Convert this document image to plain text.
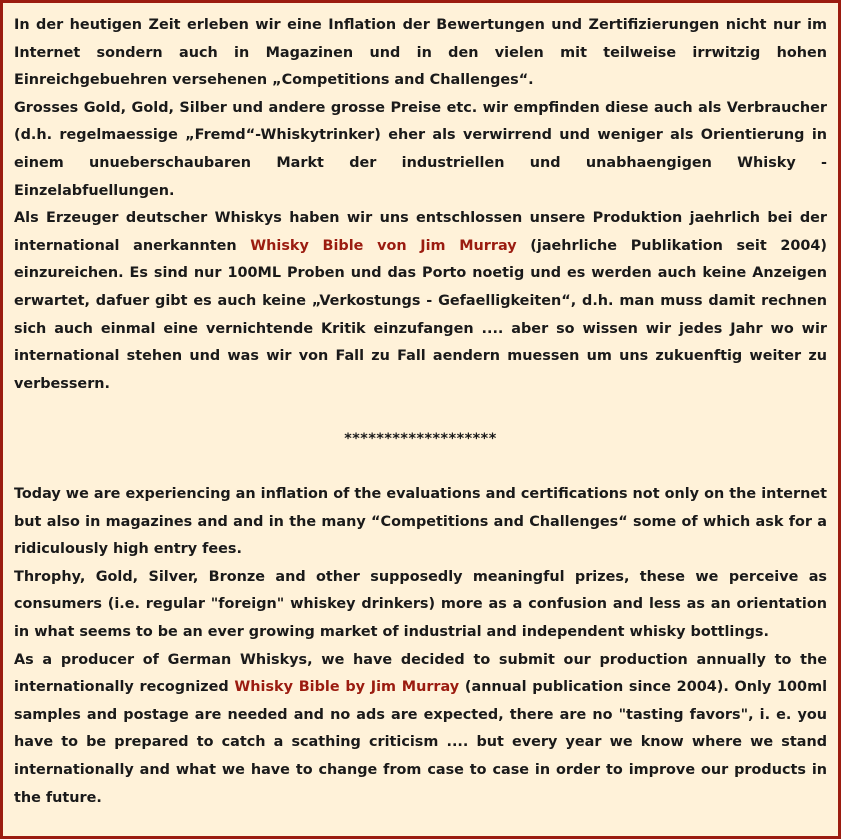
In der heutigen Zeit erleben wir eine Inflation der Bewertungen und Zertifizierungen nicht nur im Internet sondern auch in Magazinen und in den vielen mit teilweise irrwitzig hohen Einreichgebuehren versehenen „Competitions and Challenges“.

Grosses Gold, Gold, Silber und andere grosse Preise etc. wir empfinden diese auch als Verbraucher (d.h. regelmaessige „Fremd“-Whiskytrinker) eher als verwirrend und weniger als Orientierung in einem unueberschaubaren Markt der industriellen und unabhaengigen Whisky - Einzelabfuellungen.

Als Erzeuger deutscher Whiskys haben wir uns entschlossen unsere Produktion jaehrlich bei der international anerkannten Whisky Bible von Jim Murray (jaehrliche Publikation seit 2004) einzureichen. Es sind nur 100ML Proben und das Porto noetig und es werden auch keine Anzeigen erwartet, dafuer gibt es auch keine „Verkostungs - Gefaelligkeiten“, d.h. man muss damit rechnen sich auch einmal eine vernichtende Kritik einzufangen .... aber so wissen wir jedes Jahr wo wir international stehen und was wir von Fall zu Fall aendern muessen um uns zukuenftig weiter zu verbessern.

*******************

Today we are experiencing an inflation of the evaluations and certifications not only on the internet but also in magazines and and in the many “Competitions and Challenges“ some of which ask for a ridiculously high entry fees.

Throphy, Gold, Silver, Bronze and other supposedly meaningful prizes, these we perceive as consumers (i.e. regular "foreign" whiskey drinkers) more as a confusion and less as an orientation in what seems to be an ever growing market of industrial and independent whisky bottlings.

As a producer of German Whiskys, we have decided to submit our production annually to the internationally recognized Whisky Bible by Jim Murray (annual publication since 2004). Only 100ml samples and postage are needed and no ads are expected, there are no "tasting favors", i. e. you have to be prepared to catch a scathing criticism .... but every year we know where we stand internationally and what we have to change from case to case in order to improve our products in the future.
